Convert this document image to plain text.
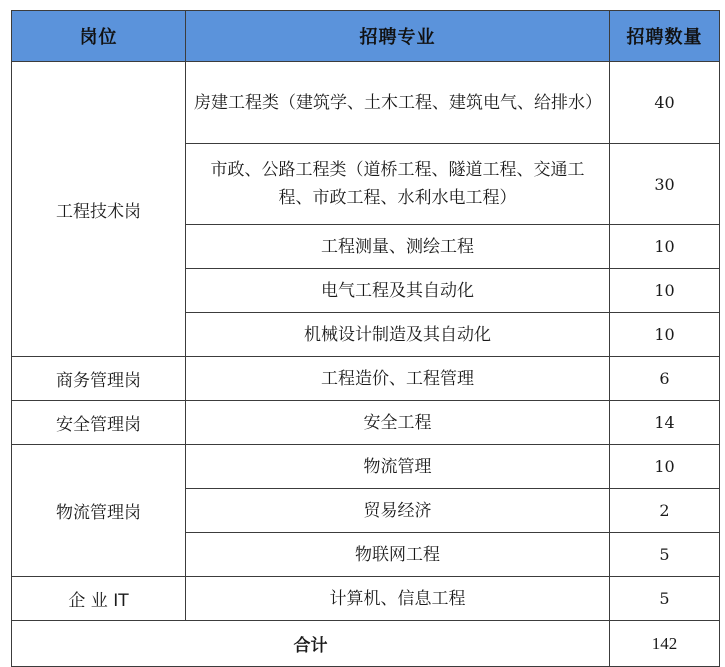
岗位	招聘专业	招聘数量
工程技术岗	房建工程类（建筑学、土木工程、建筑电气、给排水）	40
	市政、公路工程类（道桥工程、隧道工程、交通工程、市政工程、水利水电工程）	30
	工程测量、测绘工程	10
	电气工程及其自动化	10
	机械设计制造及其自动化	10
商务管理岗	工程造价、工程管理	6
安全管理岗	安全工程	14
物流管理岗	物流管理	10
	贸易经济	2
	物联网工程	5
企 业 IT	计算机、信息工程	5
合计		142
